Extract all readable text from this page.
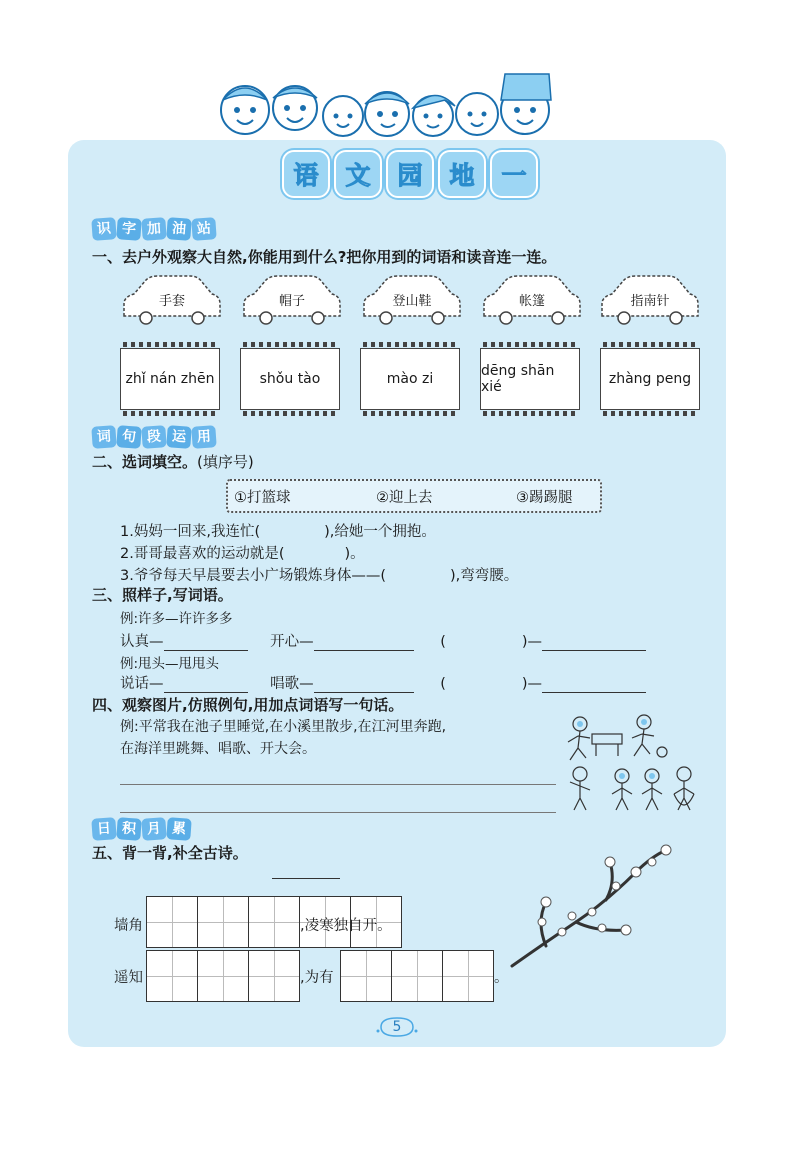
语	文	园	地	一
识 字 加 油 站
一、去户外观察大自然,你能用到什么?把你用到的词语和读音连一连。
手套	帽子	登山鞋	帐篷	指南针
zhǐ nán zhēn	shǒu tào	mào zi	dēng shān xié	zhàng peng
词 句 段 运 用
二、选词填空。(填序号)
①打篮球	②迎上去	③踢踢腿
1.妈妈一回来,我连忙(	),给她一个拥抱。
2.哥哥最喜欢的运动就是(	)。
3.爷爷每天早晨要去小广场锻炼身体——(	),弯弯腰。
三、照样子,写词语。
例:许多—许许多多
认真—	开心—	(	)—
例:甩头—甩甩头
说话—	唱歌—	(	)—
四、观察图片,仿照例句,用加点词语写一句话。
例:平常我在池子里睡觉,在小溪里散步,在江河里奔跑,
在海洋里跳舞、唱歌、开大会。
日 积 月 累
五、背一背,补全古诗。
墙角	,凌寒独自开。
遥知	,为有	。
5
